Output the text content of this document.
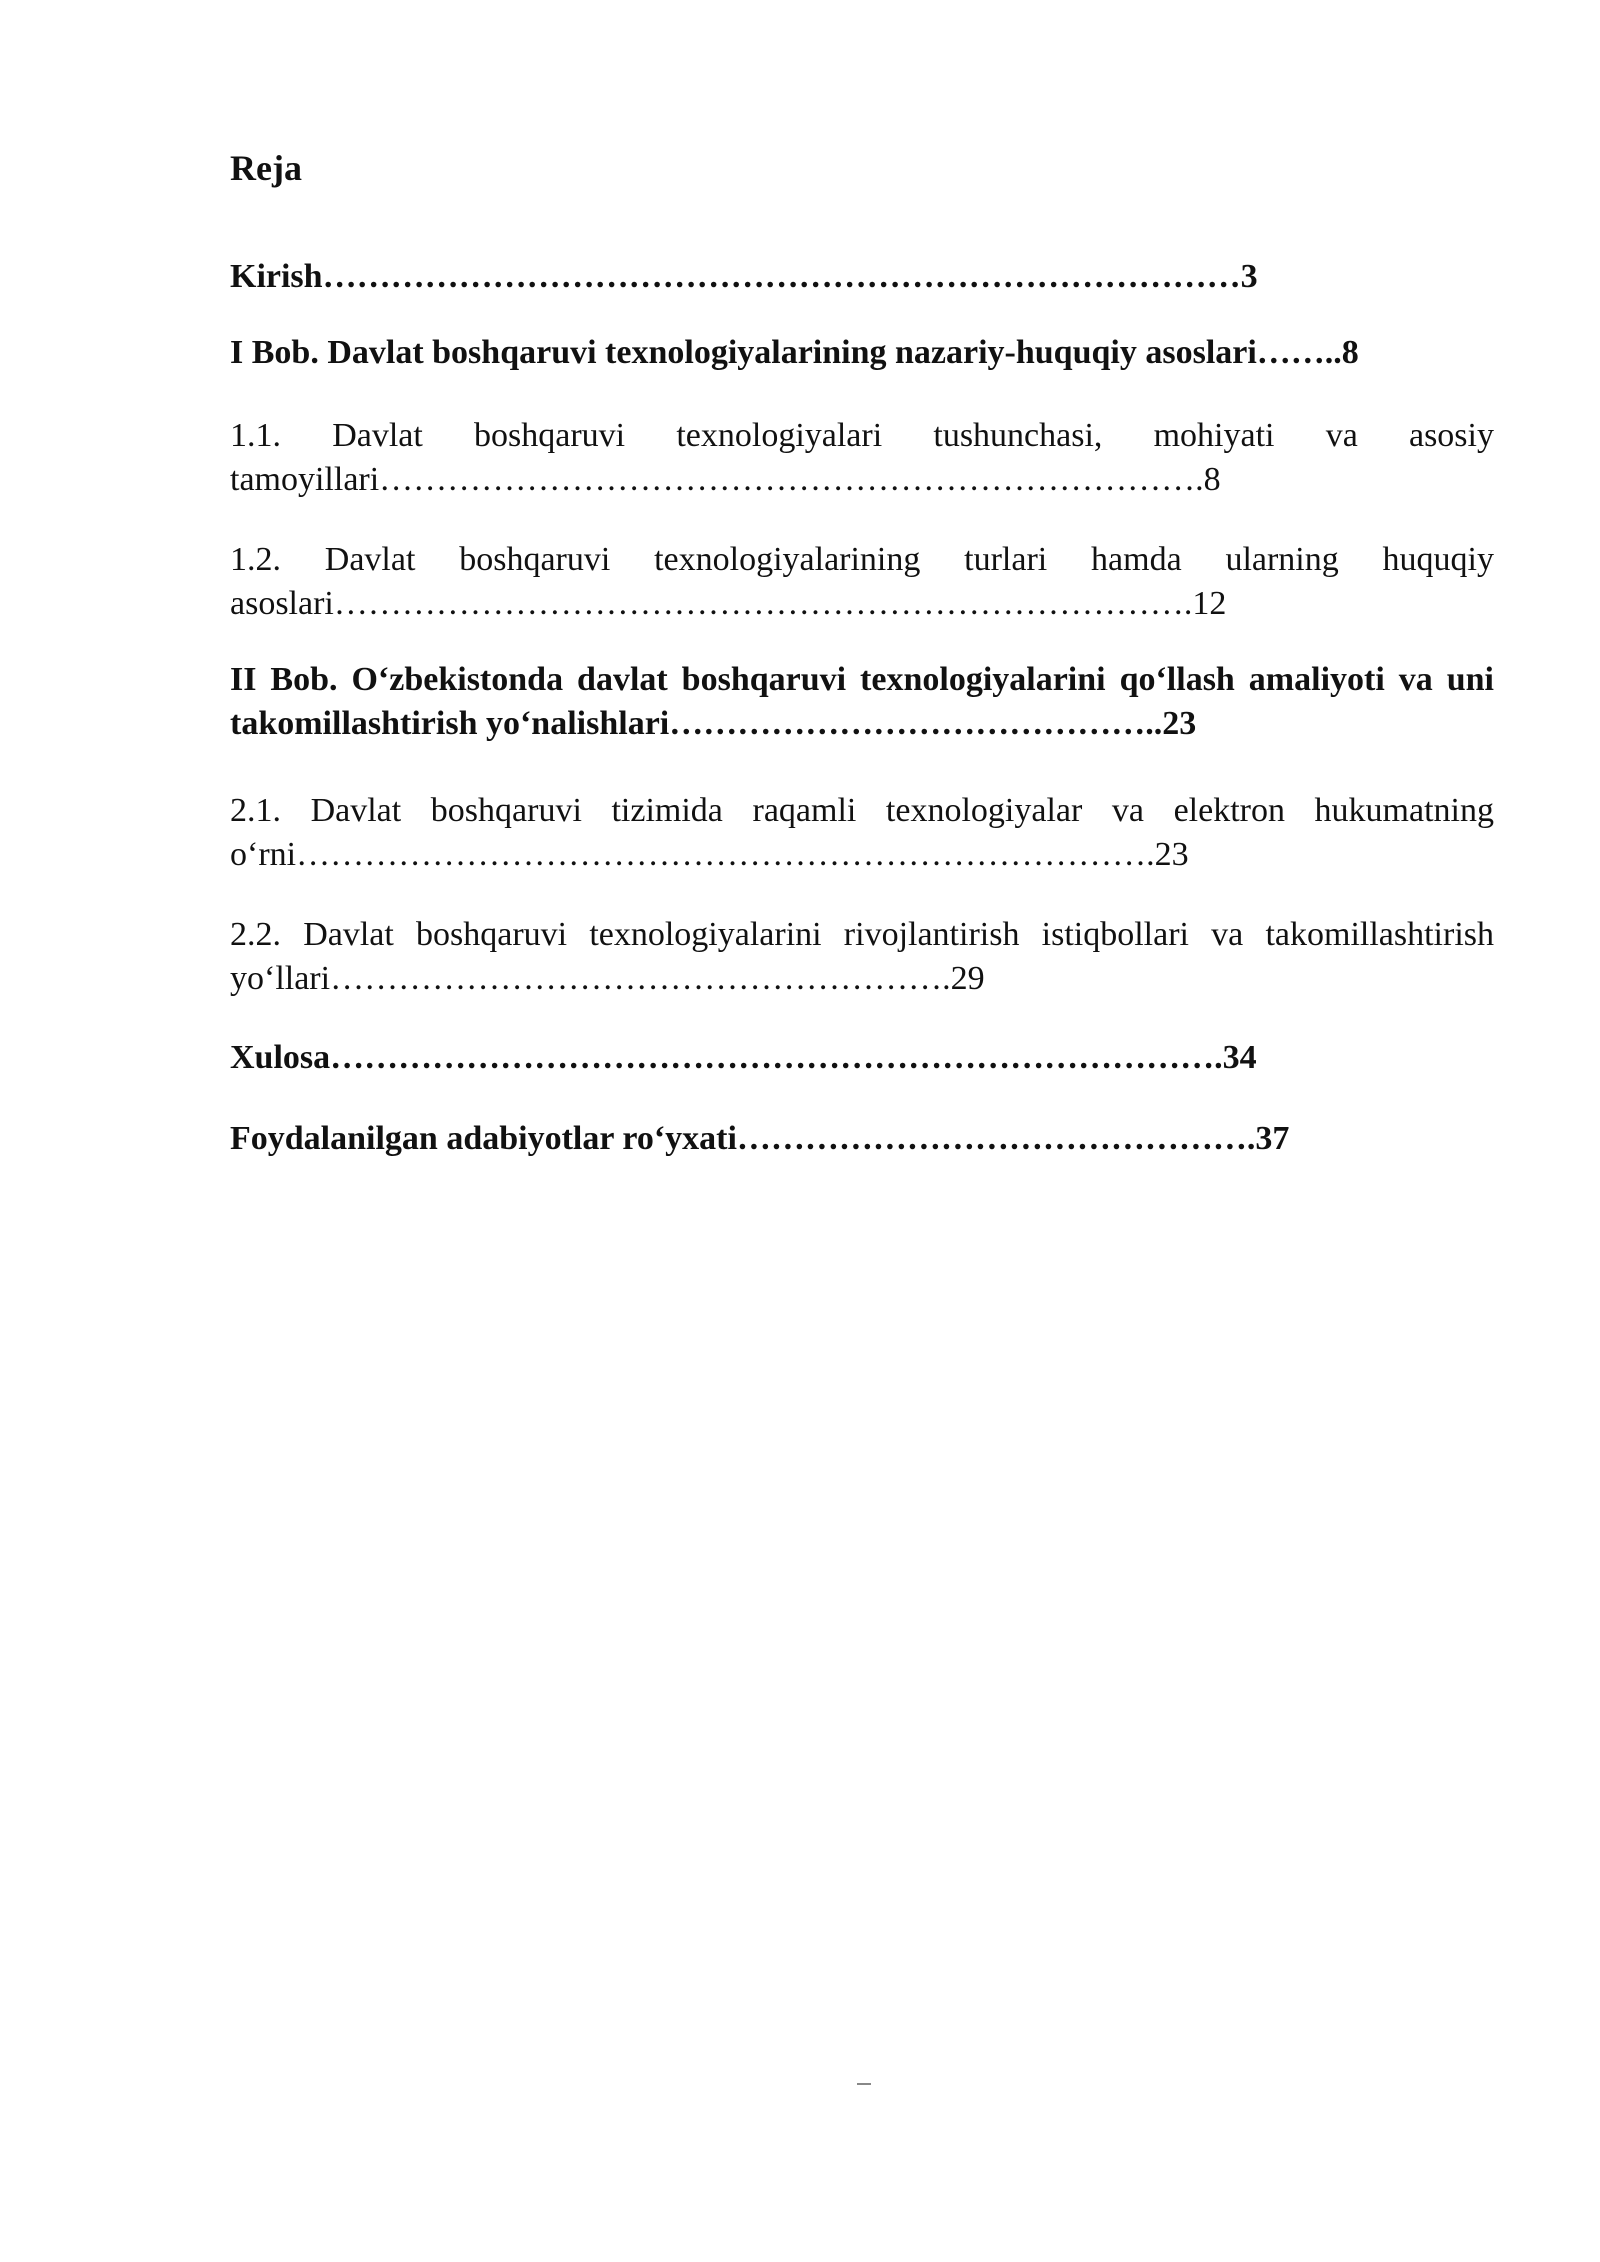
Reja

Kirish………………………………………………………………………3

I Bob. Davlat boshqaruvi texnologiyalarining nazariy-huquqiy asoslari……..8

1.1. Davlat boshqaruvi texnologiyalari tushunchasi, mohiyati va asosiy tamoyillari……………………………………………………………….8

1.2. Davlat boshqaruvi texnologiyalarining turlari hamda ularning huquqiy asoslari………………………………………………………………….12

II Bob. O‘zbekistonda davlat boshqaruvi texnologiyalarini qo‘llash amaliyoti va uni takomillashtirish yo‘nalishlari……………………………………..23

2.1. Davlat boshqaruvi tizimida raqamli texnologiyalar va elektron hukumatning o‘rni………………………………………………………………….23

2.2. Davlat boshqaruvi texnologiyalarini rivojlantirish istiqbollari va takomillashtirish yo‘llari……………………………………………….29

Xulosa…………………………………………………………………….34

Foydalanilgan adabiyotlar ro‘yxati……………………………………….37
